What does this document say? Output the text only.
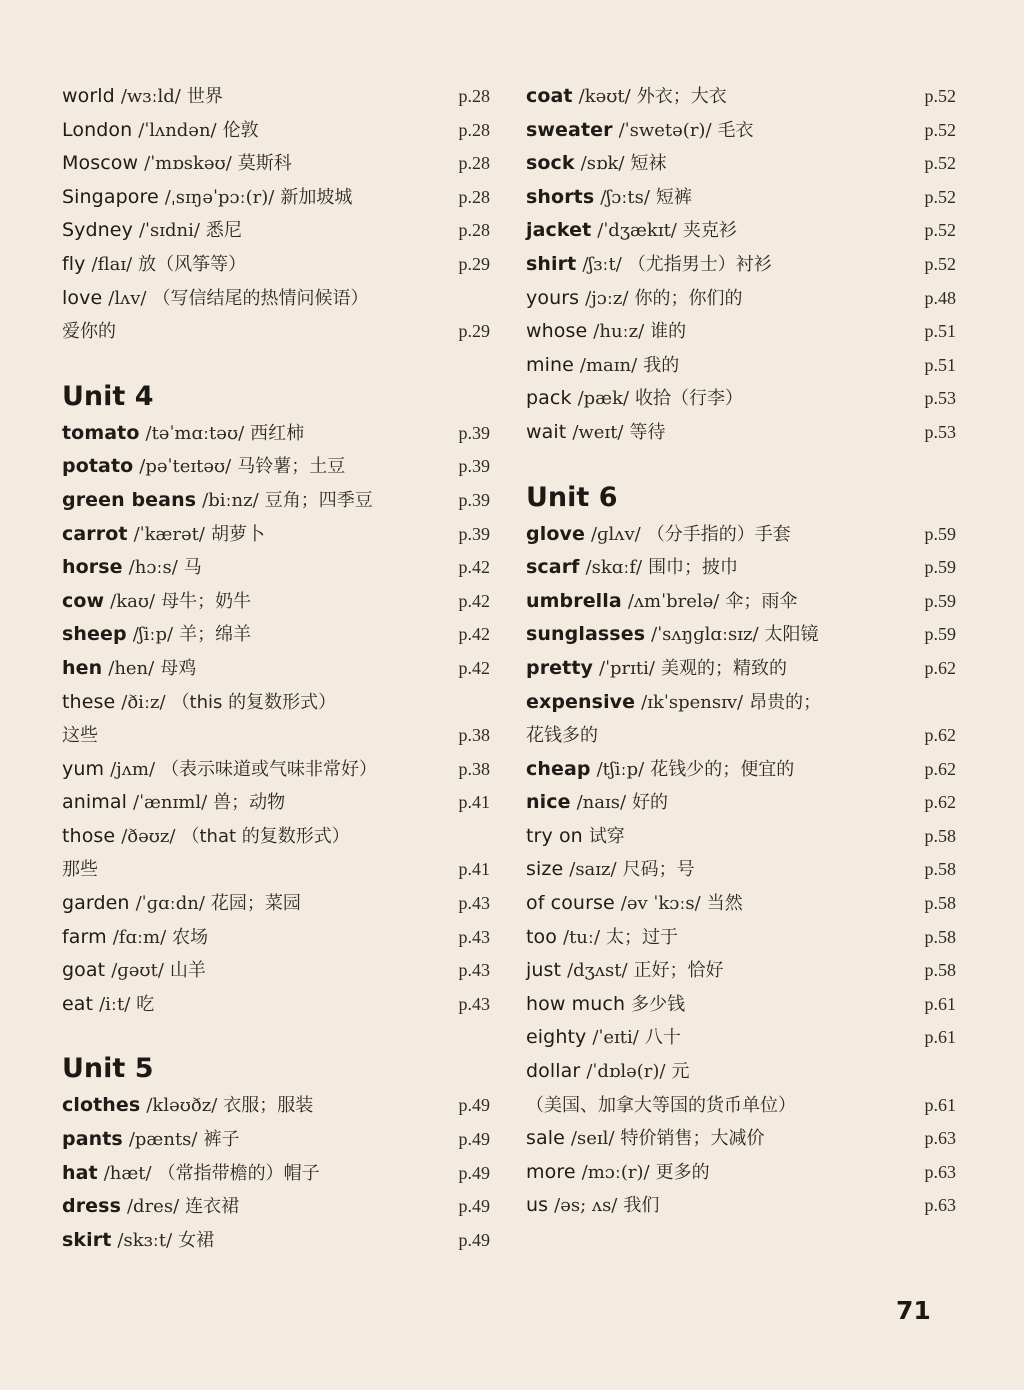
world /wɜːld/ 世界	p.28
London /ˈlʌndən/ 伦敦	p.28
Moscow /ˈmɒskəʊ/ 莫斯科	p.28
Singapore /ˌsɪŋəˈpɔː(r)/ 新加坡城	p.28
Sydney /ˈsɪdni/ 悉尼	p.28
fly /flaɪ/ 放（风筝等）	p.29
love /lʌv/ （写信结尾的热情问候语）
爱你的	p.29
Unit 4
tomato /təˈmɑːtəʊ/ 西红柿	p.39
potato /pəˈteɪtəʊ/ 马铃薯；土豆	p.39
green beans /biːnz/ 豆角；四季豆	p.39
carrot /ˈkærət/ 胡萝卜	p.39
horse /hɔːs/ 马	p.42
cow /kaʊ/ 母牛；奶牛	p.42
sheep /ʃiːp/ 羊；绵羊	p.42
hen /hen/ 母鸡	p.42
these /ðiːz/ （this 的复数形式）
这些	p.38
yum /jʌm/ （表示味道或气味非常好）	p.38
animal /ˈænɪml/ 兽；动物	p.41
those /ðəʊz/ （that 的复数形式）
那些	p.41
garden /ˈɡɑːdn/ 花园；菜园	p.43
farm /fɑːm/ 农场	p.43
goat /ɡəʊt/ 山羊	p.43
eat /iːt/ 吃	p.43
Unit 5
clothes /kləʊðz/ 衣服；服装	p.49
pants /pænts/ 裤子	p.49
hat /hæt/ （常指带檐的）帽子	p.49
dress /dres/ 连衣裙	p.49
skirt /skɜːt/ 女裙	p.49
coat /kəʊt/ 外衣；大衣	p.52
sweater /ˈswetə(r)/ 毛衣	p.52
sock /sɒk/ 短袜	p.52
shorts /ʃɔːts/ 短裤	p.52
jacket /ˈdʒækɪt/ 夹克衫	p.52
shirt /ʃɜːt/ （尤指男士）衬衫	p.52
yours /jɔːz/ 你的；你们的	p.48
whose /huːz/ 谁的	p.51
mine /maɪn/ 我的	p.51
pack /pæk/ 收拾（行李）	p.53
wait /weɪt/ 等待	p.53
Unit 6
glove /ɡlʌv/ （分手指的）手套	p.59
scarf /skɑːf/ 围巾；披巾	p.59
umbrella /ʌmˈbrelə/ 伞；雨伞	p.59
sunglasses /ˈsʌŋɡlɑːsɪz/ 太阳镜	p.59
pretty /ˈprɪti/ 美观的；精致的	p.62
expensive /ɪkˈspensɪv/ 昂贵的；
花钱多的	p.62
cheap /tʃiːp/ 花钱少的；便宜的	p.62
nice /naɪs/ 好的	p.62
try on 试穿	p.58
size /saɪz/ 尺码；号	p.58
of course /əv ˈkɔːs/ 当然	p.58
too /tuː/ 太；过于	p.58
just /dʒʌst/ 正好；恰好	p.58
how much 多少钱	p.61
eighty /ˈeɪti/ 八十	p.61
dollar /ˈdɒlə(r)/ 元
（美国、加拿大等国的货币单位）	p.61
sale /seɪl/ 特价销售；大减价	p.63
more /mɔː(r)/ 更多的	p.63
us /əs; ʌs/ 我们	p.63
71
